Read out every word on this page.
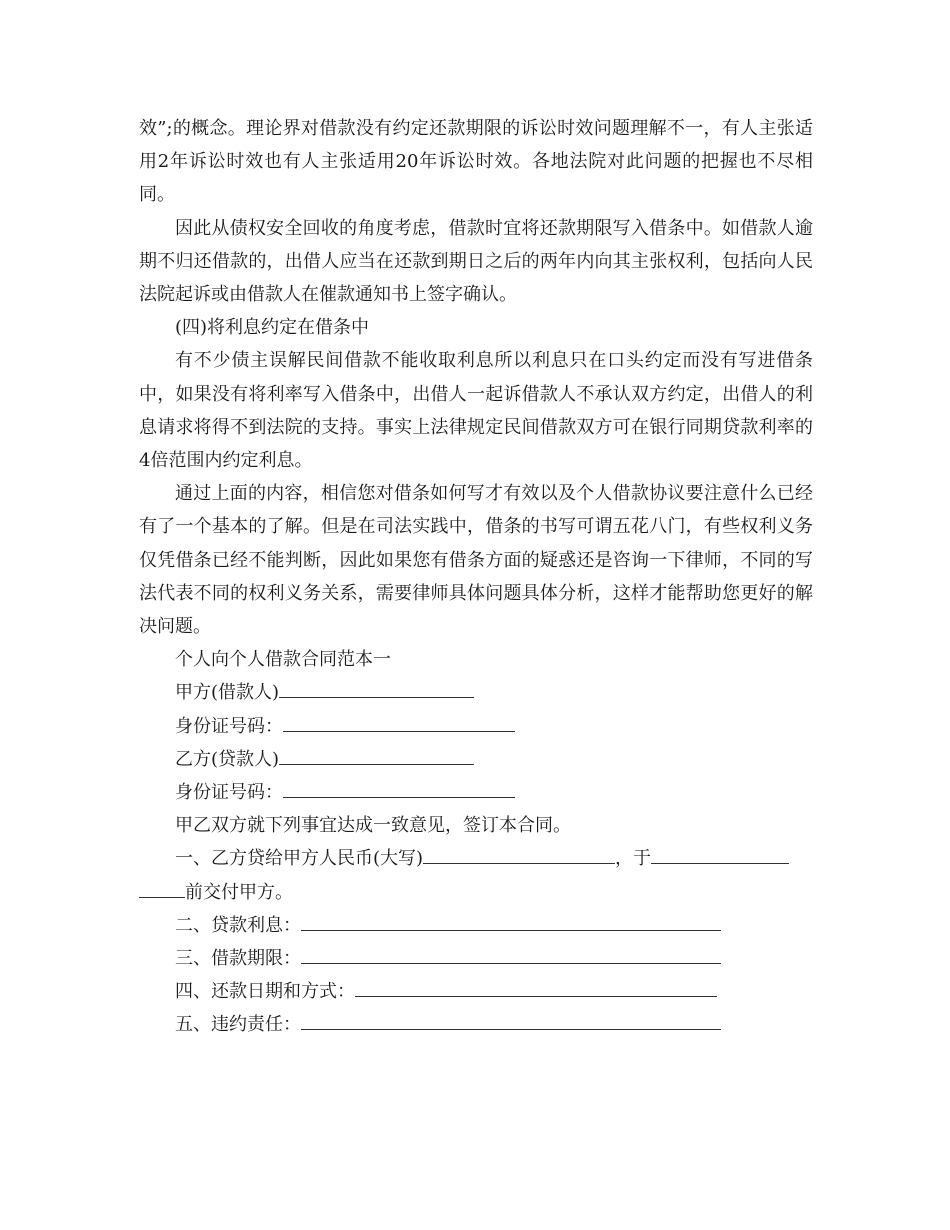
效”;的概念。理论界对借款没有约定还款期限的诉讼时效问题理解不一，有人主张适用2年诉讼时效也有人主张适用20年诉讼时效。各地法院对此问题的把握也不尽相同。

因此从债权安全回收的角度考虑，借款时宜将还款期限写入借条中。如借款人逾期不归还借款的，出借人应当在还款到期日之后的两年内向其主张权利，包括向人民法院起诉或由借款人在催款通知书上签字确认。

(四)将利息约定在借条中

有不少债主误解民间借款不能收取利息所以利息只在口头约定而没有写进借条中，如果没有将利率写入借条中，出借人一起诉借款人不承认双方约定，出借人的利息请求将得不到法院的支持。事实上法律规定民间借款双方可在银行同期贷款利率的4倍范围内约定利息。

通过上面的内容，相信您对借条如何写才有效以及个人借款协议要注意什么已经有了一个基本的了解。但是在司法实践中，借条的书写可谓五花八门，有些权利义务仅凭借条已经不能判断，因此如果您有借条方面的疑惑还是咨询一下律师，不同的写法代表不同的权利义务关系，需要律师具体问题具体分析，这样才能帮助您更好的解决问题。

个人向个人借款合同范本一

甲方(借款人)

身份证号码：

乙方(贷款人)

身份证号码：

甲乙双方就下列事宜达成一致意见，签订本合同。

一、乙方贷给甲方人民币(大写)	，于

前交付甲方。

二、贷款利息：

三、借款期限：

四、还款日期和方式：

五、违约责任：
